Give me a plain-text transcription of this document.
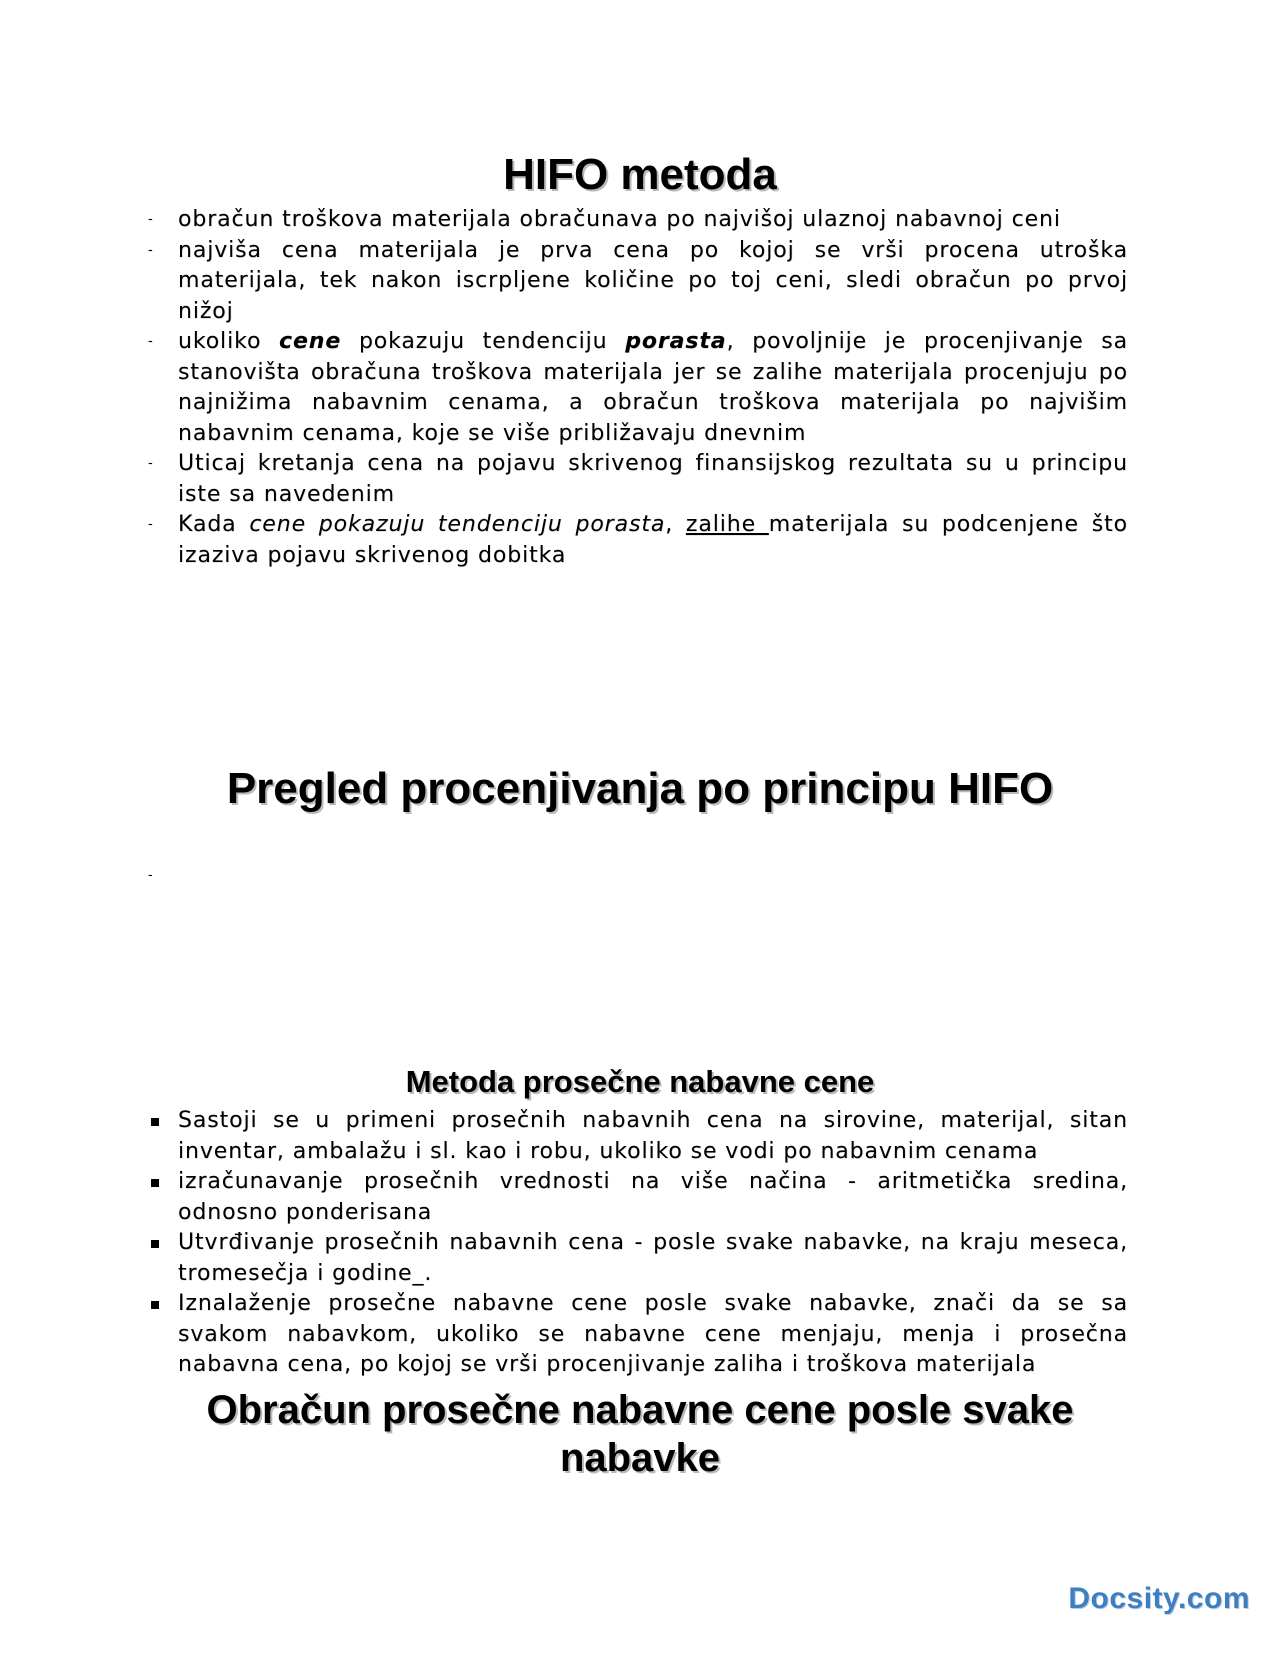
HIFO metoda
- obračun troškova materijala obračunava po najvišoj ulaznoj nabavnoj ceni
- najviša cena materijala je prva cena po kojoj se vrši procena utroška materijala, tek nakon iscrpljene količine po toj ceni, sledi obračun po prvoj nižoj
- ukoliko cene pokazuju tendenciju porasta, povoljnije je procenjivanje sa stanovišta obračuna troškova materijala jer se zalihe materijala procenjuju po najnižima nabavnim cenama, a obračun troškova materijala po najvišim nabavnim cenama, koje se više približavaju dnevnim
- Uticaj kretanja cena na pojavu skrivenog finansijskog rezultata su u principu iste sa navedenim
- Kada cene pokazuju tendenciju porasta, zalihe materijala su podcenjene što izaziva pojavu skrivenog dobitka
Pregled procenjivanja po principu HIFO
-
Metoda prosečne nabavne cene
Sastoji se u primeni prosečnih nabavnih cena na sirovine, materijal, sitan inventar, ambalažu i sl. kao i robu, ukoliko se vodi po nabavnim cenama
izračunavanje prosečnih vrednosti na više načina - aritmetička sredina, odnosno ponderisana
Utvrđivanje prosečnih nabavnih cena - posle svake nabavke, na kraju meseca, tromesečja i godine_.
Iznalaženje prosečne nabavne cene posle svake nabavke, znači da se sa svakom nabavkom, ukoliko se nabavne cene menjaju, menja i prosečna nabavna cena, po kojoj se vrši procenjivanje zaliha i troškova materijala
Obračun prosečne nabavne cene posle svake nabavke
Docsity.com
